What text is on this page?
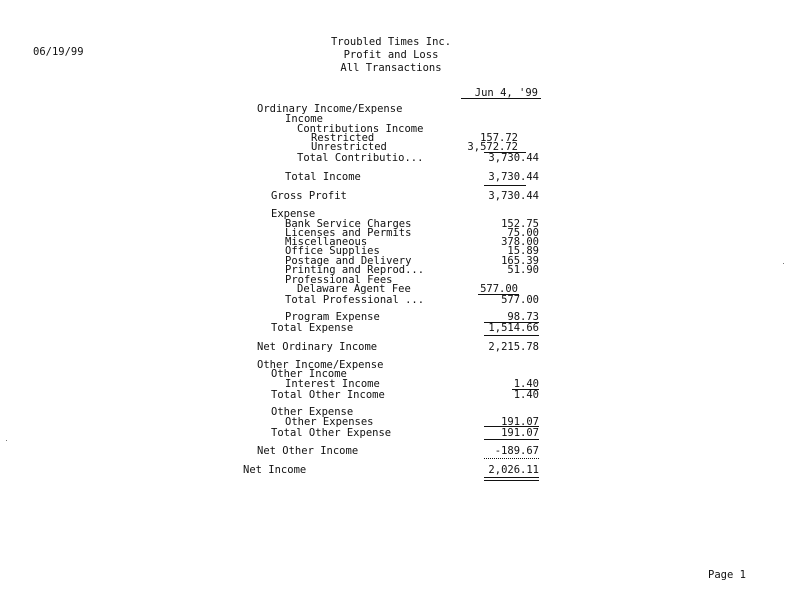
06/19/99
Troubled Times Inc.
Profit and Loss
All Transactions
Jun 4, '99
Ordinary Income/Expense
Income
Contributions Income
Restricted	157.72
Unrestricted	3,572.72
Total Contributio...	3,730.44
Total Income	3,730.44
Gross Profit	3,730.44
Expense
Bank Service Charges	152.75
Licenses and Permits	75.00
Miscellaneous	378.00
Office Supplies	15.89
Postage and Delivery	165.39
Printing and Reprod...	51.90
Professional Fees
Delaware Agent Fee	577.00
Total Professional ...	577.00
Program Expense	98.73
Total Expense	1,514.66
Net Ordinary Income	2,215.78
Other Income/Expense
Other Income
Interest Income	1.40
Total Other Income	1.40
Other Expense
Other Expenses	191.07
Total Other Expense	191.07
Net Other Income	-189.67
Net Income	2,026.11
Page 1
